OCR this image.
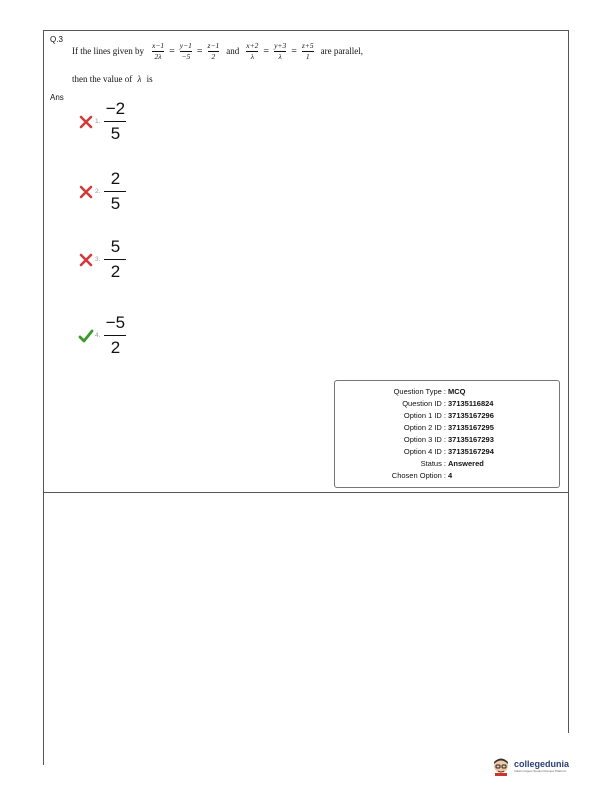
Q.3
If the lines given by $\frac{x-1}{2\lambda} = \frac{y-1}{-5} = \frac{z-1}{2}$ and $\frac{x+2}{\lambda} = \frac{y+3}{\lambda} = \frac{z+5}{1}$ are parallel,
then the value of λ is
Ans
1.
−2
5
2.
2
5
3.
5
2
4.
−5
2
Question Type : MCQ
Question ID : 37135116824
Option 1 ID : 37135167296
Option 2 ID : 37135167295
Option 3 ID : 37135167293
Option 4 ID : 37135167294
Status : Answered
Chosen Option : 4
collegedunia
India's largest Student Review Platform
